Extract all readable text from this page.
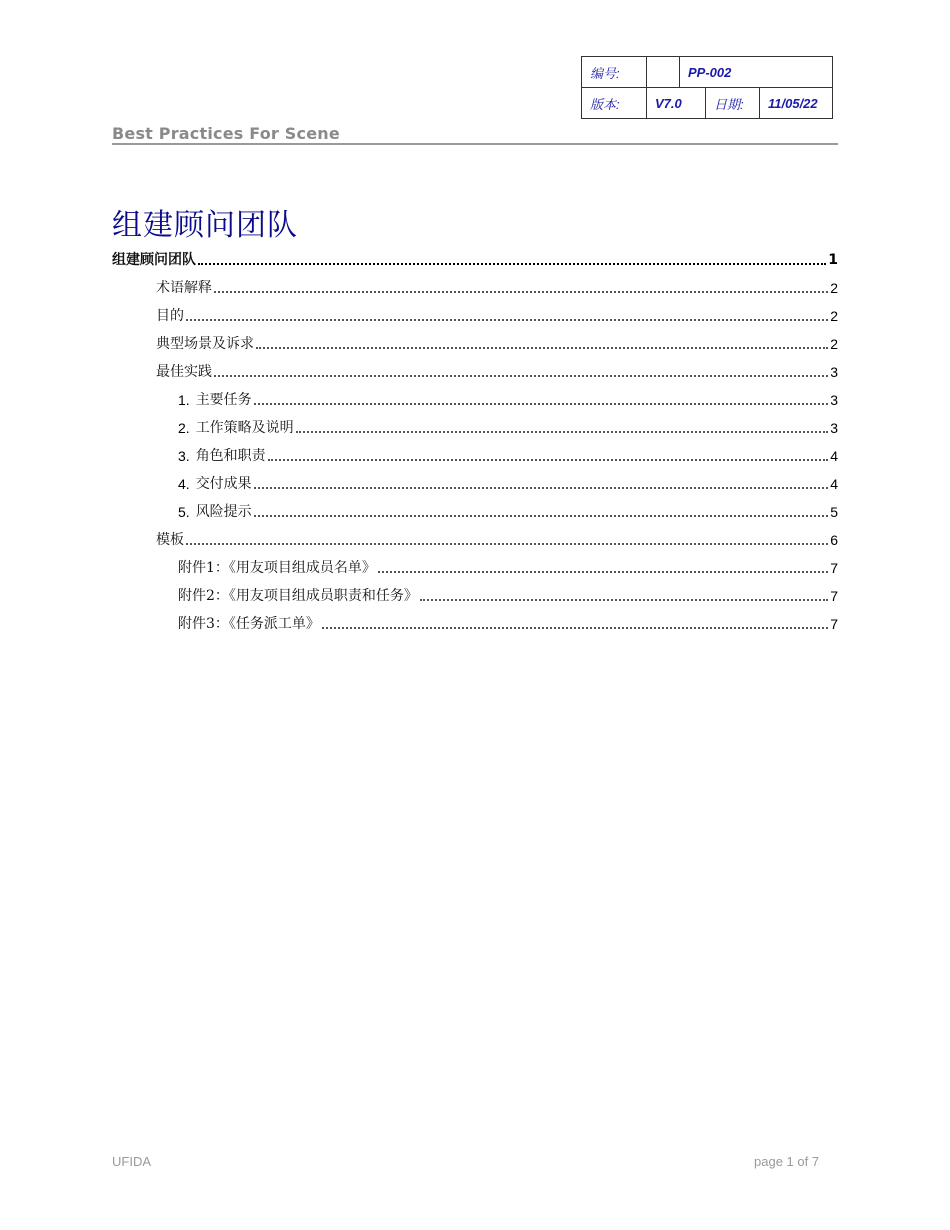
编号:		PP-002		
版本:	V7.0		日期:	11/05/22
Best Practices For Scene
组建顾问团队
组建顾问团队	1
术语解释	2
目的	2
典型场景及诉求	2
最佳实践	3
1. 主要任务	3
2. 工作策略及说明	3
3. 角色和职责	4
4. 交付成果	4
5. 风险提示	5
模板	6
附件1：《用友项目组成员名单》	7
附件2：《用友项目组成员职责和任务》	7
附件3：《任务派工单》	7
UFIDA	page 1 of 7
